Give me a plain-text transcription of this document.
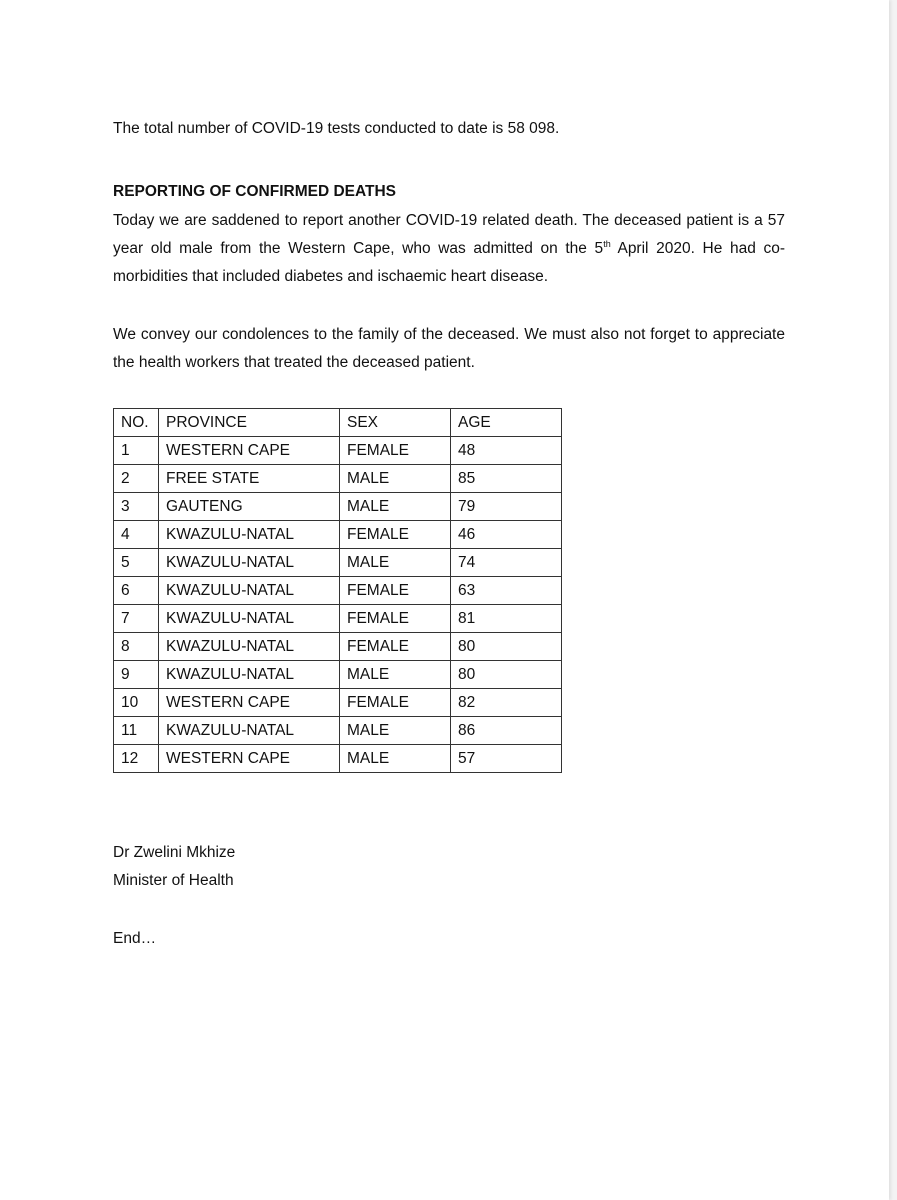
The total number of COVID-19 tests conducted to date is 58 098.

REPORTING OF CONFIRMED DEATHS

Today we are saddened to report another COVID-19 related death. The deceased patient is a 57 year old male from the Western Cape, who was admitted on the 5th April 2020. He had co-morbidities that included diabetes and ischaemic heart disease.

We convey our condolences to the family of the deceased. We must also not forget to appreciate the health workers that treated the deceased patient.

NO.	PROVINCE	SEX	AGE
1	WESTERN CAPE	FEMALE	48
2	FREE STATE	MALE	85
3	GAUTENG	MALE	79
4	KWAZULU-NATAL	FEMALE	46
5	KWAZULU-NATAL	MALE	74
6	KWAZULU-NATAL	FEMALE	63
7	KWAZULU-NATAL	FEMALE	81
8	KWAZULU-NATAL	FEMALE	80
9	KWAZULU-NATAL	MALE	80
10	WESTERN CAPE	FEMALE	82
11	KWAZULU-NATAL	MALE	86
12	WESTERN CAPE	MALE	57

Dr Zwelini Mkhize

Minister of Health

End…
